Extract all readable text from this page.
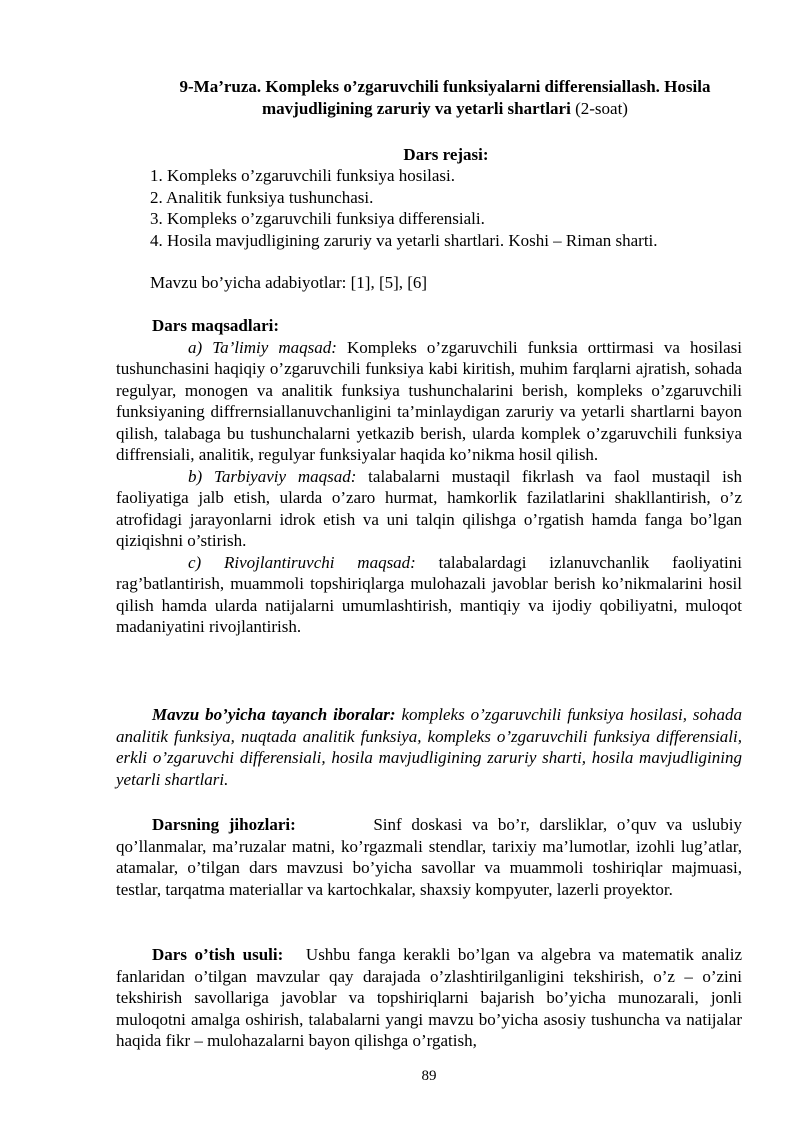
9-Ma’ruza. Kompleks o’zgaruvchili funksiyalarni differensiallash. Hosila mavjudligining zaruriy va yetarli shartlari (2-soat)
Dars rejasi:
1. Kompleks o’zgaruvchili funksiya hosilasi.
2. Analitik funksiya tushunchasi.
3. Kompleks o’zgaruvchili funksiya differensiali.
4. Hosila mavjudligining zaruriy va yetarli shartlari. Koshi – Riman sharti.
Mavzu bo’yicha adabiyotlar: [1], [5], [6]
Dars maqsadlari:
a) Ta’limiy maqsad: Kompleks o’zgaruvchili funksia orttirmasi va hosilasi tushunchasini haqiqiy o’zgaruvchili funksiya kabi kiritish, muhim farqlarni ajratish, sohada regulyar, monogen va analitik funksiya tushunchalarini berish, kompleks o’zgaruvchili funksiyaning diffrernsiallanuvchanligini ta’minlaydigan zaruriy va yetarli shartlarni bayon qilish, talabaga bu tushunchalarni yetkazib berish, ularda komplek o’zgaruvchili funksiya diffrensiali, analitik, regulyar funksiyalar haqida ko’nikma hosil qilish.
b) Tarbiyaviy maqsad: talabalarni mustaqil fikrlash va faol mustaqil ish faoliyatiga jalb etish, ularda o’zaro hurmat, hamkorlik fazilatlarini shakllantirish, o’z atrofidagi jarayonlarni idrok etish va uni talqin qilishga o’rgatish hamda fanga bo’lgan qiziqishni o’stirish.
c) Rivojlantiruvchi maqsad: talabalardagi izlanuvchanlik faoliyatini rag’batlantirish, muammoli topshiriqlarga mulohazali javoblar berish ko’nikmalarini hosil qilish hamda ularda natijalarni umumlashtirish, mantiqiy va ijodiy qobiliyatni, muloqot madaniyatini rivojlantirish.
Mavzu bo’yicha tayanch iboralar: kompleks o’zgaruvchili funksiya hosilasi, sohada analitik funksiya, nuqtada analitik funksiya, kompleks o’zgaruvchili funksiya differensiali, erkli o’zgaruvchi differensiali, hosila mavjudligining zaruriy sharti, hosila mavjudligining yetarli shartlari.
Darsning jihozlari:        Sinf doskasi va bo’r, darsliklar, o’quv va uslubiy qo’llanmalar, ma’ruzalar matni, ko’rgazmali stendlar, tarixiy ma’lumotlar, izohli lug’atlar, atamalar, o’tilgan dars mavzusi bo’yicha savollar va muammoli toshiriqlar majmuasi, testlar, tarqatma materiallar va kartochkalar, shaxsiy kompyuter, lazerli proyektor.
Dars o’tish usuli:   Ushbu fanga kerakli bo’lgan va algebra va matematik analiz fanlaridan o’tilgan mavzular qay darajada o’zlashtirilganligini tekshirish, o’z – o’zini tekshirish savollariga javoblar va topshiriqlarni bajarish bo’yicha munozarali, jonli muloqotni amalga oshirish, talabalarni yangi mavzu bo’yicha asosiy tushuncha va natijalar haqida fikr – mulohazalarni bayon qilishga o’rgatish,
89
